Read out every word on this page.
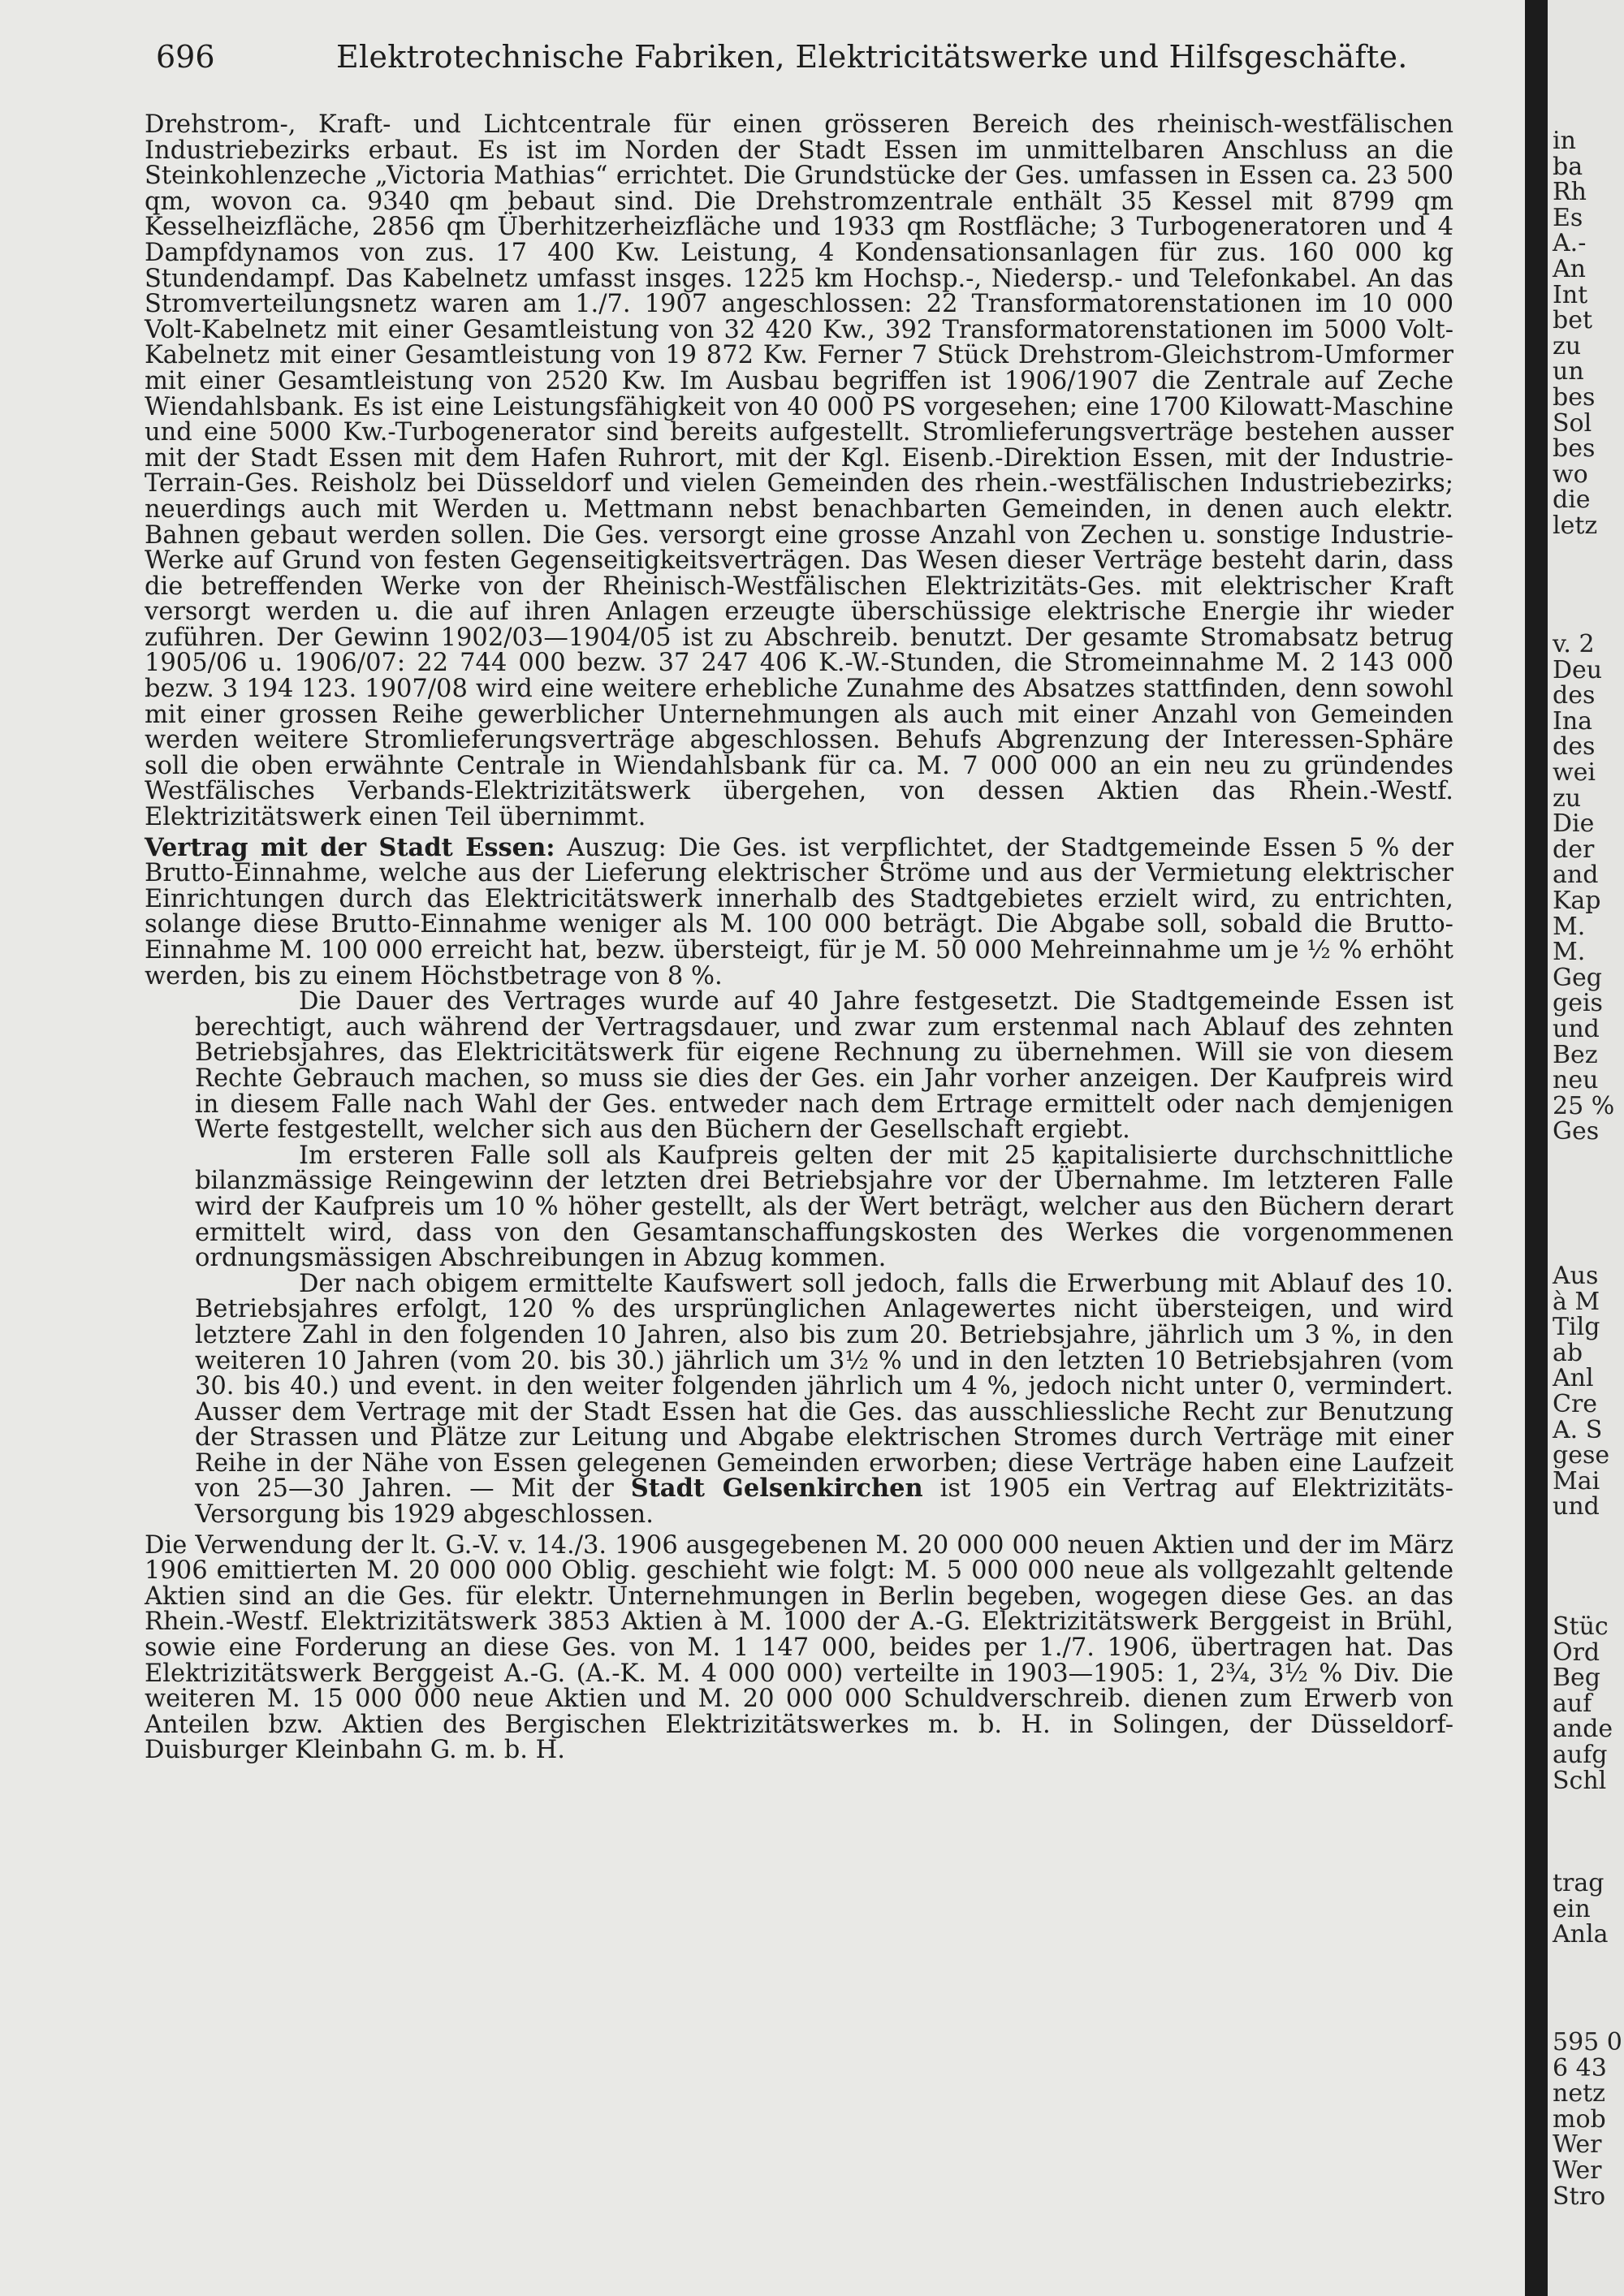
696	Elektrotechnische Fabriken, Elektricitätswerke und Hilfsgeschäfte.

Drehstrom-, Kraft- und Lichtcentrale für einen grösseren Bereich des rheinisch-westfälischen Industriebezirks erbaut. Es ist im Norden der Stadt Essen im unmittelbaren Anschluss an die Steinkohlenzeche „Victoria Mathias“ errichtet. Die Grundstücke der Ges. umfassen in Essen ca. 23 500 qm, wovon ca. 9340 qm bebaut sind. Die Drehstromzentrale enthält 35 Kessel mit 8799 qm Kesselheizfläche, 2856 qm Überhitzerheizfläche und 1933 qm Rostfläche; 3 Turbogeneratoren und 4 Dampfdynamos von zus. 17 400 Kw. Leistung, 4 Kondensationsanlagen für zus. 160 000 kg Stundendampf. Das Kabelnetz umfasst insges. 1225 km Hochsp.-, Niedersp.- und Telefonkabel. An das Stromverteilungsnetz waren am 1./7. 1907 angeschlossen: 22 Transformatorenstationen im 10 000 Volt-Kabelnetz mit einer Gesamtleistung von 32 420 Kw., 392 Transformatorenstationen im 5000 Volt-Kabelnetz mit einer Gesamtleistung von 19 872 Kw. Ferner 7 Stück Drehstrom-Gleichstrom-Umformer mit einer Gesamtleistung von 2520 Kw. Im Ausbau begriffen ist 1906/1907 die Zentrale auf Zeche Wiendahlsbank. Es ist eine Leistungsfähigkeit von 40 000 PS vorgesehen; eine 1700 Kilowatt-Maschine und eine 5000 Kw.-Turbogenerator sind bereits aufgestellt. Stromlieferungsverträge bestehen ausser mit der Stadt Essen mit dem Hafen Ruhrort, mit der Kgl. Eisenb.-Direktion Essen, mit der Industrie-Terrain-Ges. Reisholz bei Düsseldorf und vielen Gemeinden des rhein.-westfälischen Industriebezirks; neuerdings auch mit Werden u. Mettmann nebst benachbarten Gemeinden, in denen auch elektr. Bahnen gebaut werden sollen. Die Ges. versorgt eine grosse Anzahl von Zechen u. sonstige Industrie-Werke auf Grund von festen Gegenseitigkeitsverträgen. Das Wesen dieser Verträge besteht darin, dass die betreffenden Werke von der Rheinisch-Westfälischen Elektrizitäts-Ges. mit elektrischer Kraft versorgt werden u. die auf ihren Anlagen erzeugte überschüssige elektrische Energie ihr wieder zuführen. Der Gewinn 1902/03—1904/05 ist zu Abschreib. benutzt. Der gesamte Stromabsatz betrug 1905/06 u. 1906/07: 22 744 000 bezw. 37 247 406 K.-W.-Stunden, die Stromeinnahme M. 2 143 000 bezw. 3 194 123. 1907/08 wird eine weitere erhebliche Zunahme des Absatzes stattfinden, denn sowohl mit einer grossen Reihe gewerblicher Unternehmungen als auch mit einer Anzahl von Gemeinden werden weitere Stromlieferungsverträge abgeschlossen. Behufs Abgrenzung der Interessen-Sphäre soll die oben erwähnte Centrale in Wiendahlsbank für ca. M. 7 000 000 an ein neu zu gründendes Westfälisches Verbands-Elektrizitätswerk übergehen, von dessen Aktien das Rhein.-Westf. Elektrizitätswerk einen Teil übernimmt.

Vertrag mit der Stadt Essen: Auszug: Die Ges. ist verpflichtet, der Stadtgemeinde Essen 5 % der Brutto-Einnahme, welche aus der Lieferung elektrischer Ströme und aus der Vermietung elektrischer Einrichtungen durch das Elektricitätswerk innerhalb des Stadtgebietes erzielt wird, zu entrichten, solange diese Brutto-Einnahme weniger als M. 100 000 beträgt. Die Abgabe soll, sobald die Brutto-Einnahme M. 100 000 erreicht hat, bezw. übersteigt, für je M. 50 000 Mehreinnahme um je ½ % erhöht werden, bis zu einem Höchstbetrage von 8 %.

Die Dauer des Vertrages wurde auf 40 Jahre festgesetzt. Die Stadtgemeinde Essen ist berechtigt, auch während der Vertragsdauer, und zwar zum erstenmal nach Ablauf des zehnten Betriebsjahres, das Elektricitätswerk für eigene Rechnung zu übernehmen. Will sie von diesem Rechte Gebrauch machen, so muss sie dies der Ges. ein Jahr vorher anzeigen. Der Kaufpreis wird in diesem Falle nach Wahl der Ges. entweder nach dem Ertrage ermittelt oder nach demjenigen Werte festgestellt, welcher sich aus den Büchern der Gesellschaft ergiebt.

Im ersteren Falle soll als Kaufpreis gelten der mit 25 kapitalisierte durchschnittliche bilanzmässige Reingewinn der letzten drei Betriebsjahre vor der Übernahme. Im letzteren Falle wird der Kaufpreis um 10 % höher gestellt, als der Wert beträgt, welcher aus den Büchern derart ermittelt wird, dass von den Gesamtanschaffungskosten des Werkes die vorgenommenen ordnungsmässigen Abschreibungen in Abzug kommen.

Der nach obigem ermittelte Kaufswert soll jedoch, falls die Erwerbung mit Ablauf des 10. Betriebsjahres erfolgt, 120 % des ursprünglichen Anlagewertes nicht übersteigen, und wird letztere Zahl in den folgenden 10 Jahren, also bis zum 20. Betriebsjahre, jährlich um 3 %, in den weiteren 10 Jahren (vom 20. bis 30.) jährlich um 3½ % und in den letzten 10 Betriebsjahren (vom 30. bis 40.) und event. in den weiter folgenden jährlich um 4 %, jedoch nicht unter 0, vermindert. Ausser dem Vertrage mit der Stadt Essen hat die Ges. das ausschliessliche Recht zur Benutzung der Strassen und Plätze zur Leitung und Abgabe elektrischen Stromes durch Verträge mit einer Reihe in der Nähe von Essen gelegenen Gemeinden erworben; diese Verträge haben eine Laufzeit von 25—30 Jahren. — Mit der Stadt Gelsenkirchen ist 1905 ein Vertrag auf Elektrizitäts-Versorgung bis 1929 abgeschlossen.

Die Verwendung der lt. G.-V. v. 14./3. 1906 ausgegebenen M. 20 000 000 neuen Aktien und der im März 1906 emittierten M. 20 000 000 Oblig. geschieht wie folgt: M. 5 000 000 neue als vollgezahlt geltende Aktien sind an die Ges. für elektr. Unternehmungen in Berlin begeben, wogegen diese Ges. an das Rhein.-Westf. Elektrizitätswerk 3853 Aktien à M. 1000 der A.-G. Elektrizitätswerk Berggeist in Brühl, sowie eine Forderung an diese Ges. von M. 1 147 000, beides per 1./7. 1906, übertragen hat. Das Elektrizitätswerk Berggeist A.-G. (A.-K. M. 4 000 000) verteilte in 1903—1905: 1, 2¾, 3½ % Div. Die weiteren M. 15 000 000 neue Aktien und M. 20 000 000 Schuldverschreib. dienen zum Erwerb von Anteilen bzw. Aktien des Bergischen Elektrizitätswerkes m. b. H. in Solingen, der Düsseldorf-Duisburger Kleinbahn G. m. b. H.

in
ba
Rh
Es
A.-
An
Int
bet
zu
un
bes
Sol
bes
wo
die
letz
v. 2
Deu
des
Ina
des
wei
zu
Die
der
and
Kap
M.
M.
Geg
geis
und
Bez
neu
25 %
Ges
Aus
à M
Tilg
ab
Anl
Cre
A. S
gese
Mai
und
Stüc
Ord
Beg
auf
ande
aufg
Schl
trag
ein
Anla
595 0
6 43
netz
mob
Wer
Wer
Stro
